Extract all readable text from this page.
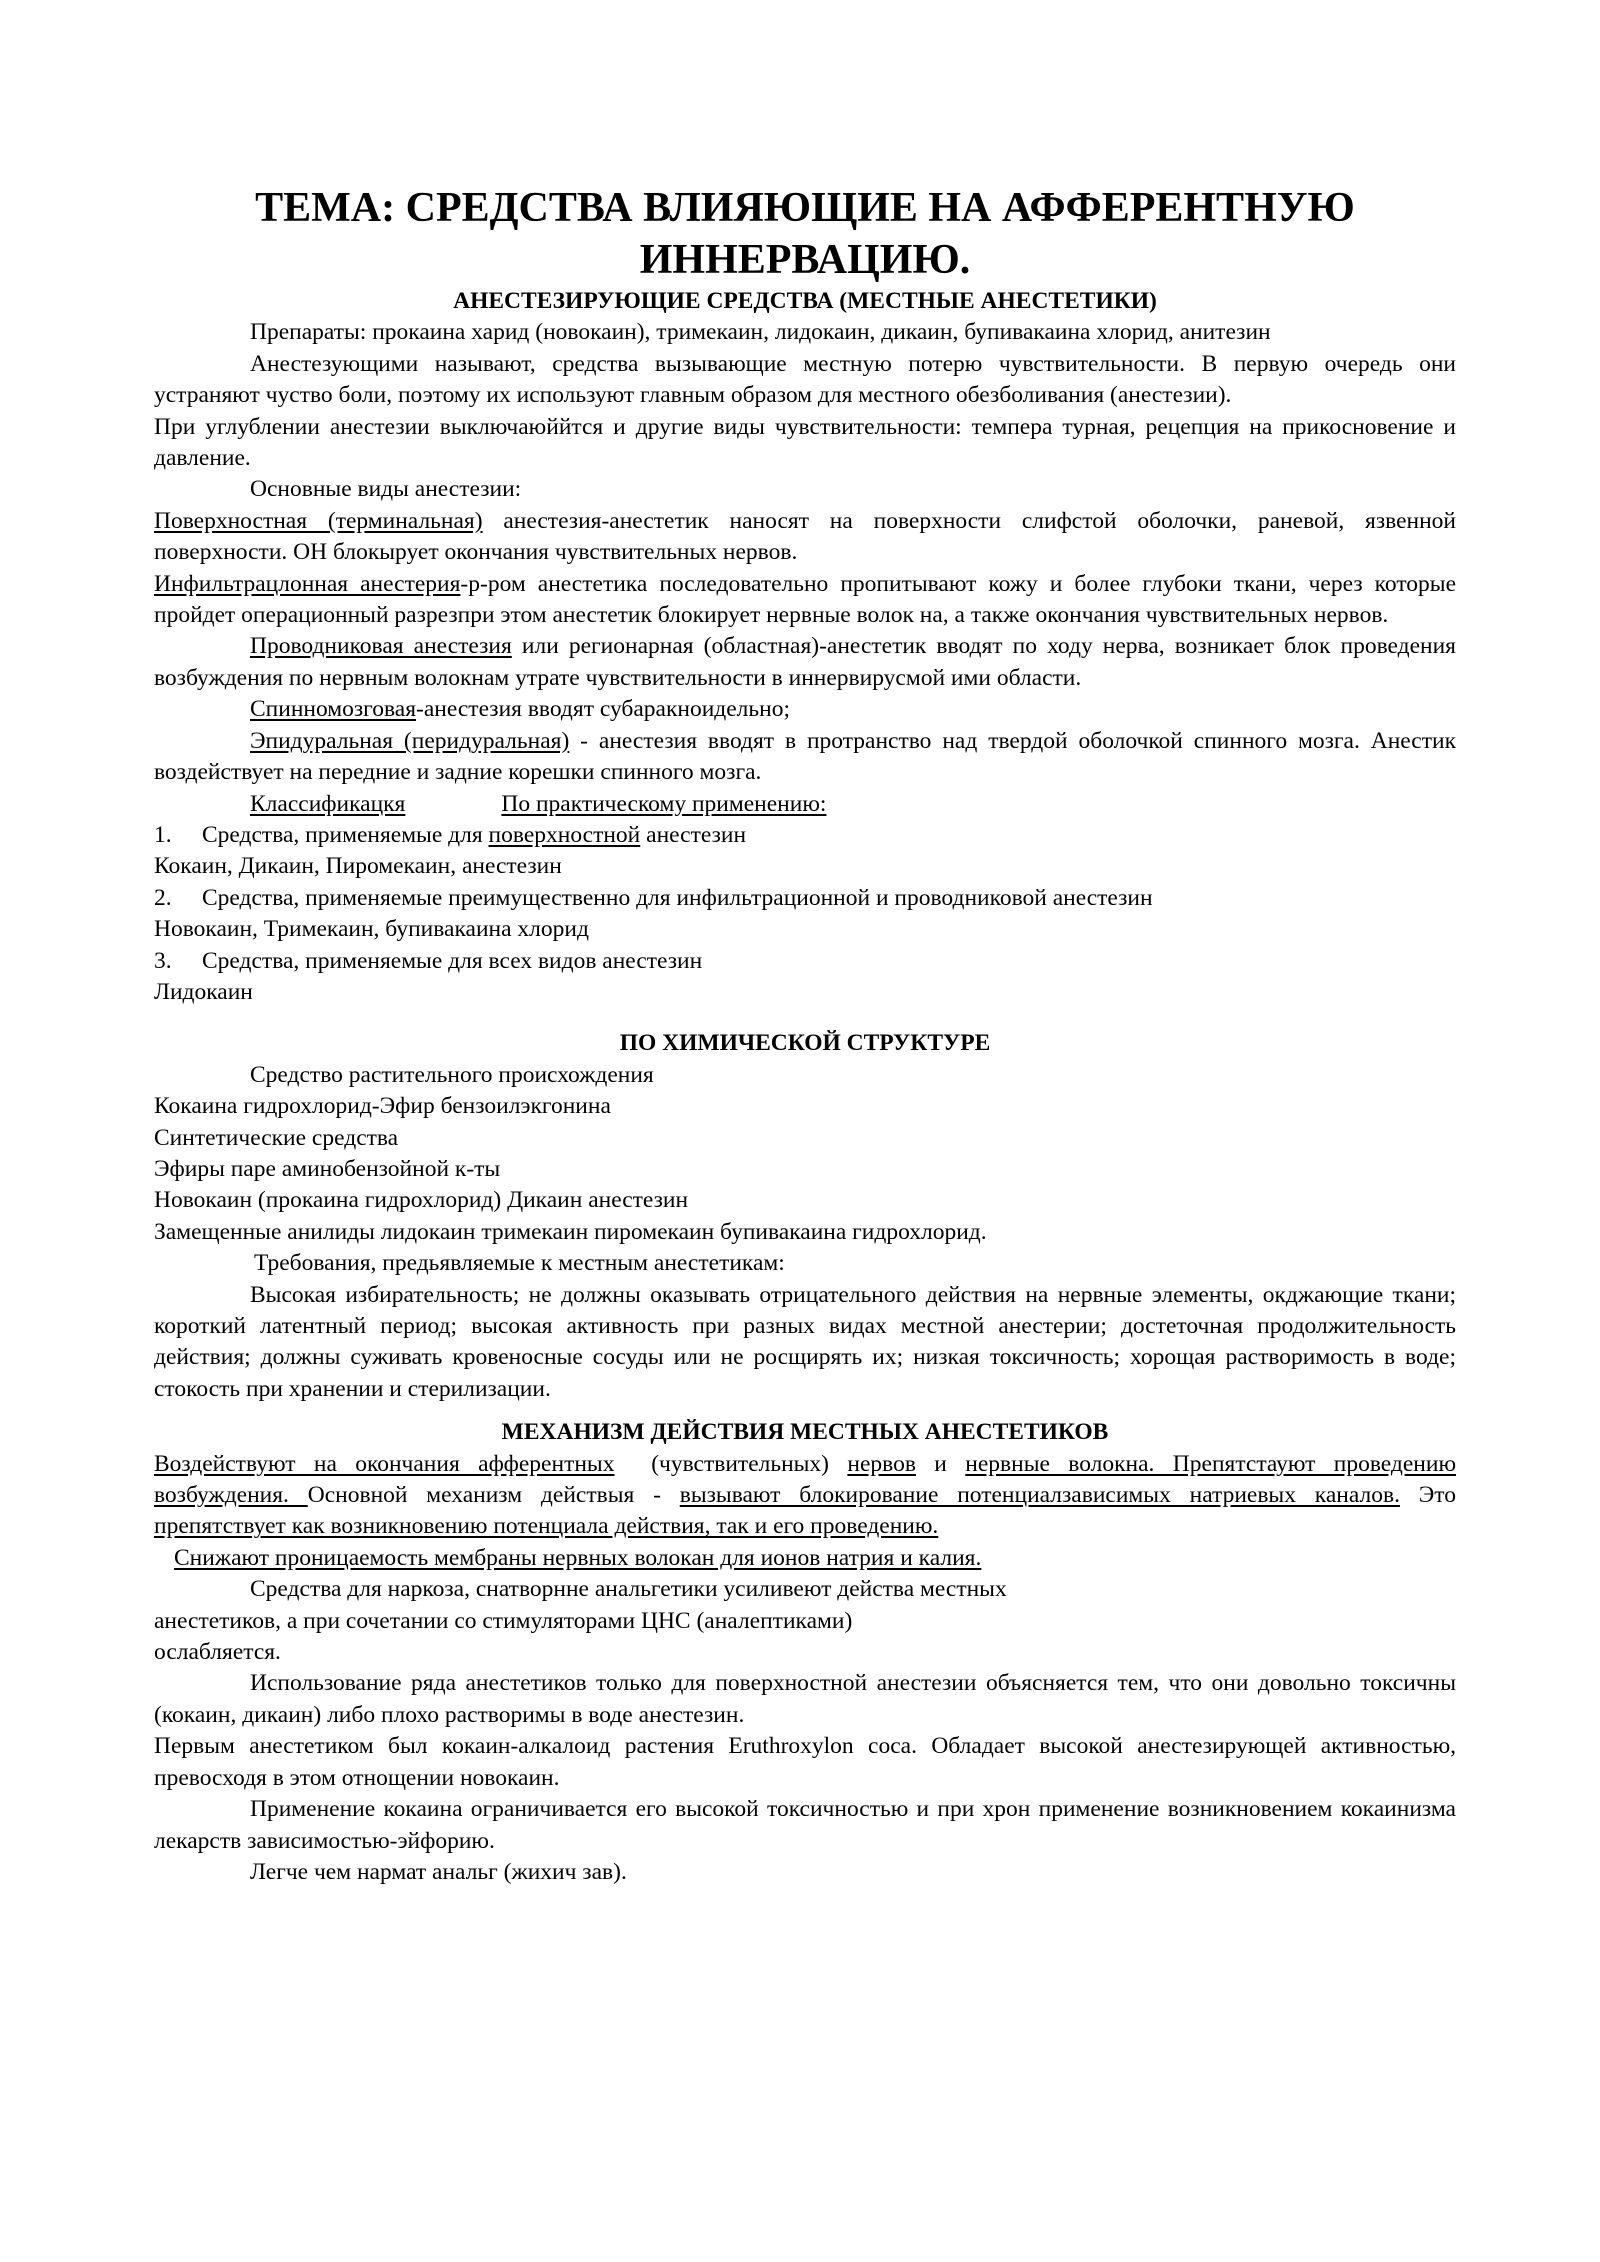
ТЕМА: СРЕДСТВА ВЛИЯЮЩИЕ НА АФФЕРЕНТНУЮ ИННЕРВАЦИЮ.

АНЕСТЕЗИРУЮЩИЕ СРЕДСТВА (МЕСТНЫЕ АНЕСТЕТИКИ)

Препараты: прокаина харид (новокаин), тримекаин, лидокаин, дикаин, бупивакаина хлорид, анитезин

Анестезующими называют, средства вызывающие местную потерю чувствительности. В первую очередь они устраняют чуство боли, поэтому их используют главным образом для местного обезболивания (анестезии).

При углублении анестезии выключаюййтся и другие виды чувствительности: темпера турная, рецепция на прикосновение и давление.

Основные виды анестезии:

Поверхностная (терминальная) анестезия-анестетик наносят на поверхности слифстой оболочки, раневой, язвенной поверхности. ОН блокырует окончания чувствительных нервов.

Инфильтрацлонная анестерия-р-ром анестетика последовательно пропитывают кожу и более глубоки ткани, через которые пройдет операционный разрезпри этом анестетик блокирует нервные волок на, а также окончания чувствительных нервов.

Проводниковая анестезия или регионарная (областная)-анестетик вводят по ходу нерва, возникает блок проведения возбуждения по нервным волокнам утрате чувствительности в иннервирусмой ими области.

Спинномозговая-анестезия вводят субаракноидельно;

Эпидуральная (перидуральная) - анестезия вводят в протранство над твердой оболочкой спинного мозга. Анестик воздействует на передние и задние корешки спинного мозга.

Классификацкя	По практическому применению:

1. Средства, применяемые для поверхностной анестезин

Кокаин, Дикаин, Пиромекаин, анестезин

2. Средства, применяемые преимущественно для инфильтрационной и проводниковой анестезин

Новокаин, Тримекаин, бупивакаина хлорид

3. Средства, применяемые для всех видов анестезин

Лидокаин

ПО ХИМИЧЕСКОЙ СТРУКТУРЕ

Средство растительного происхождения

Кокаина гидрохлорид-Эфир бензоилэкгонина

Синтетические средства

Эфиры паре аминобензойной к-ты

Новокаин (прокаина гидрохлорид) Дикаин анестезин

Замещенные анилиды лидокаин тримекаин пиромекаин бупивакаина гидрохлорид.

Требования, предьявляемые к местным анестетикам:

Высокая избирательность; не должны оказывать отрицательного действия на нервные элементы, окджающие ткани; короткий латентный период; высокая активность при разных видах местной анестерии; достеточная продолжительность действия; должны суживать кровеносные сосуды или не росщирять их; низкая токсичность; хорощая растворимость в воде; стокость при хранении и стерилизации.

МЕХАНИЗМ ДЕЙСТВИЯ МЕСТНЫХ АНЕСТЕТИКОВ

Воздействуют на окончания афферентных  (чувствительных) нервов и нервные волокна. Препятстауют проведению возбуждения. Основной механизм действыя - вызывают блокирование потенциалзависимых натриевых каналов. Это препятствует как возникновению потенциала действия, так и его проведению.

Снижают проницаемость мембраны нервных волокан для ионов натрия и калия.

Средства для наркоза, снатворнне анальгетики усиливеют действа местных

анестетиков, а при сочетании со стимуляторами ЦНС (аналептиками)

ослабляется.

Использование ряда анестетиков только для поверхностной анестезии объясняется тем, что они довольно токсичны (кокаин, дикаин) либо плохо растворимы в воде анестезин.

Первым анестетиком был кокаин-алкалоид растения Eruthroxylon coca. Обладает высокой анестезирующей активностью, превосходя в этом отнощении новокаин.

Применение кокаина ограничивается его высокой токсичностью и при хрон применение возникновением кокаинизма лекарств зависимостью-эйфорию.

Легче чем нармат анальг (жихич зав).
